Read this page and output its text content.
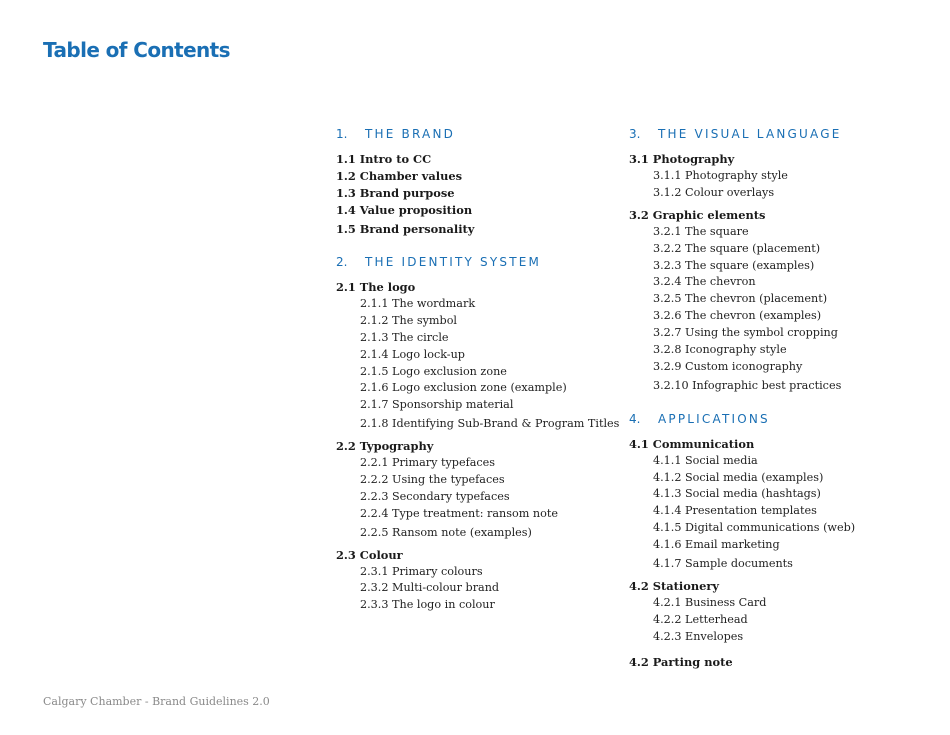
Table of Contents
1. THE BRAND
1.1 Intro to CC
1.2 Chamber values
1.3 Brand purpose
1.4 Value proposition
1.5 Brand personality
2. THE IDENTITY SYSTEM
2.1 The logo
2.1.1 The wordmark
2.1.2 The symbol
2.1.3 The circle
2.1.4 Logo lock-up
2.1.5 Logo exclusion zone
2.1.6 Logo exclusion zone (example)
2.1.7 Sponsorship material
2.1.8 Identifying Sub-Brand & Program Titles
2.2 Typography
2.2.1 Primary typefaces
2.2.2 Using the typefaces
2.2.3 Secondary typefaces
2.2.4 Type treatment: ransom note
2.2.5 Ransom note (examples)
2.3 Colour
2.3.1 Primary colours
2.3.2 Multi-colour brand
2.3.3 The logo in colour
3. THE VISUAL LANGUAGE
3.1 Photography
3.1.1 Photography style
3.1.2 Colour overlays
3.2 Graphic elements
3.2.1 The square
3.2.2 The square (placement)
3.2.3 The square (examples)
3.2.4 The chevron
3.2.5 The chevron (placement)
3.2.6 The chevron (examples)
3.2.7 Using the symbol cropping
3.2.8 Iconography style
3.2.9 Custom iconography
3.2.10 Infographic best practices
4. APPLICATIONS
4.1 Communication
4.1.1 Social media
4.1.2 Social media (examples)
4.1.3 Social media (hashtags)
4.1.4 Presentation templates
4.1.5 Digital communications (web)
4.1.6 Email marketing
4.1.7 Sample documents
4.2 Stationery
4.2.1 Business Card
4.2.2 Letterhead
4.2.3 Envelopes
4.2 Parting note
Calgary Chamber - Brand Guidelines 2.0
